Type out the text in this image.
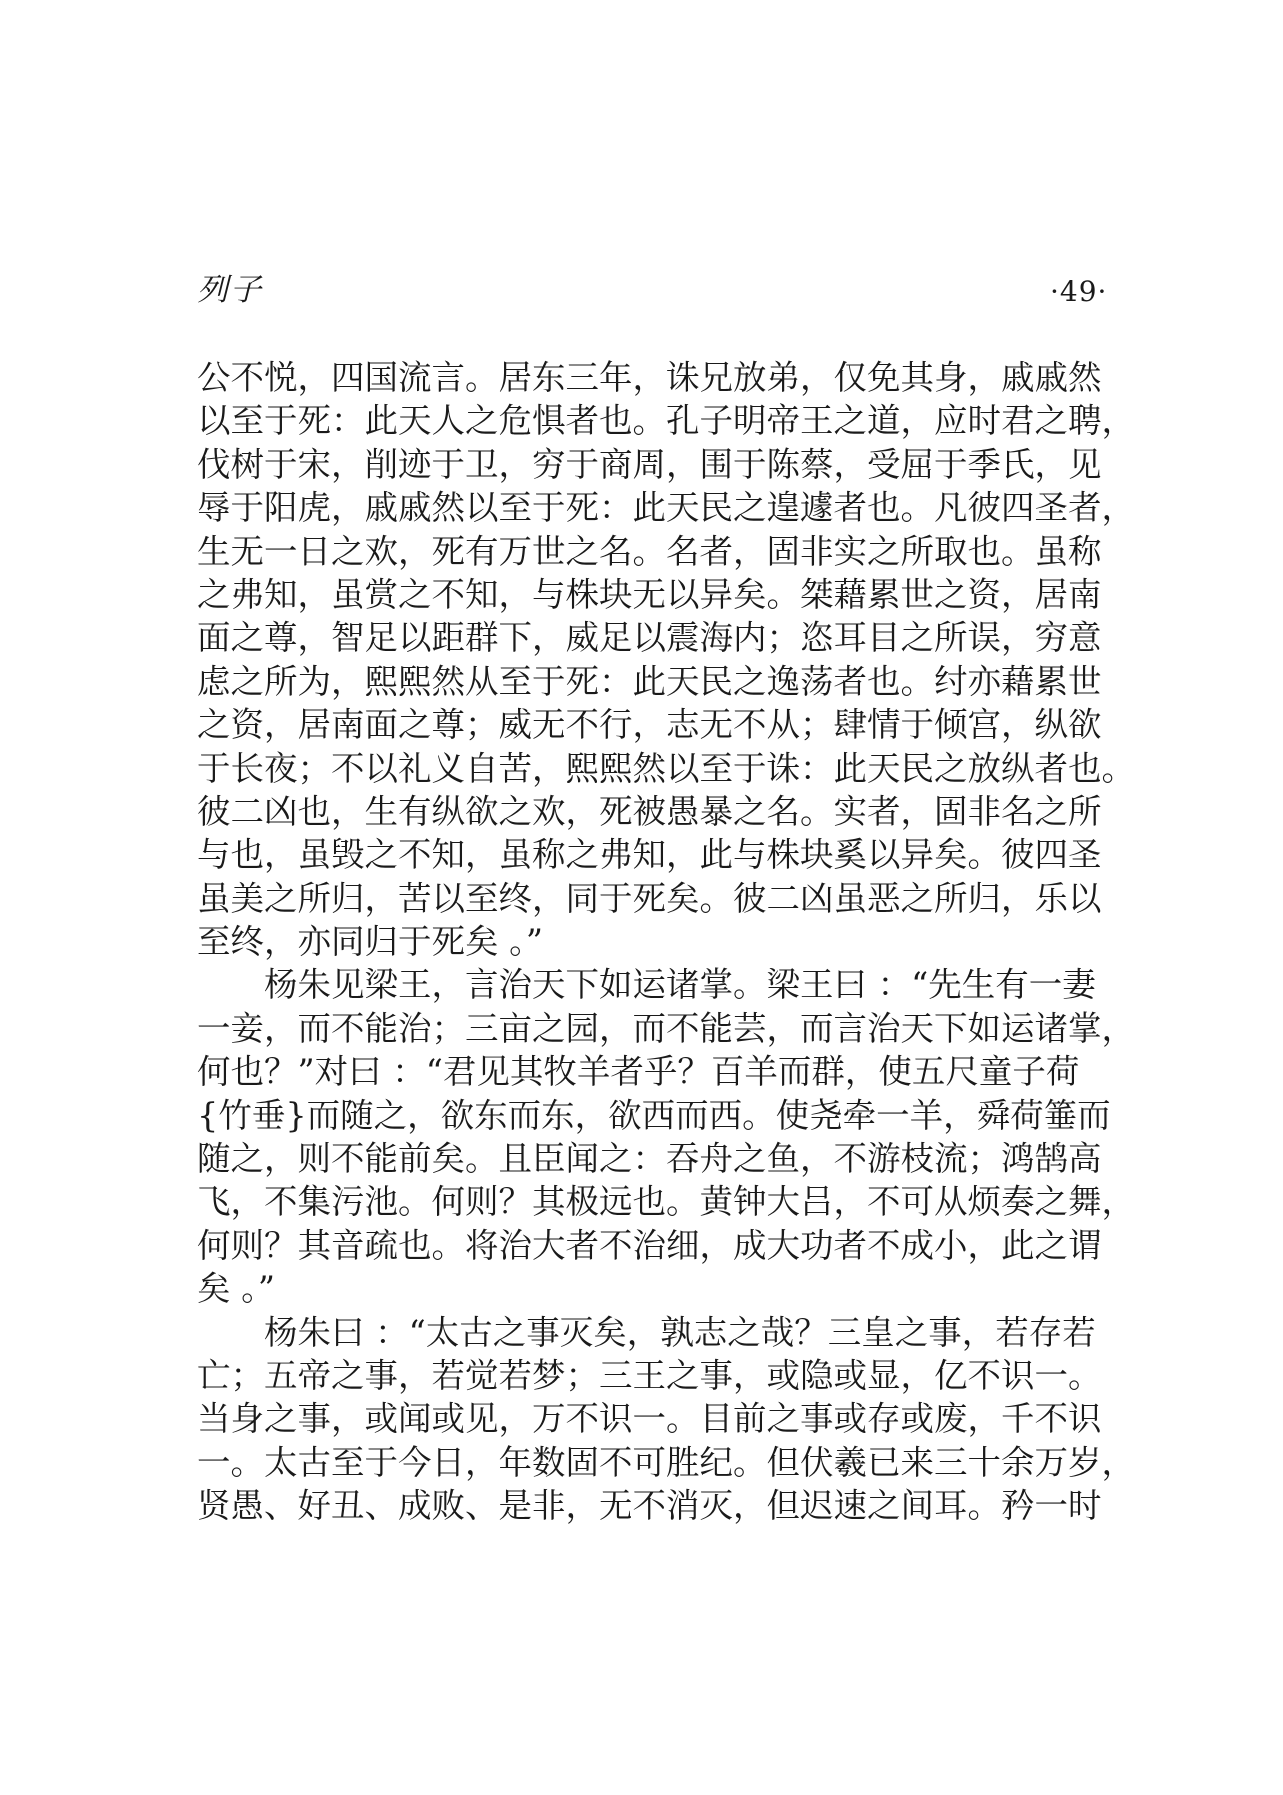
列子	·49·
公不悦，四国流言。居东三年，诛兄放弟，仅免其身，戚戚然
以至于死：此天人之危惧者也。孔子明帝王之道，应时君之聘，
伐树于宋，削迹于卫，穷于商周，围于陈蔡，受屈于季氏，见
辱于阳虎，戚戚然以至于死：此天民之遑遽者也。凡彼四圣者，
生无一日之欢，死有万世之名。名者，固非实之所取也。虽称
之弗知，虽赏之不知，与株块无以异矣。桀藉累世之资，居南
面之尊，智足以距群下，威足以震海内；恣耳目之所误，穷意
虑之所为，熙熙然从至于死：此天民之逸荡者也。纣亦藉累世
之资，居南面之尊；威无不行，志无不从；肆情于倾宫，纵欲
于长夜；不以礼义自苦，熙熙然以至于诛：此天民之放纵者也。
彼二凶也，生有纵欲之欢，死被愚暴之名。实者，固非名之所
与也，虽毁之不知，虽称之弗知，此与株块奚以异矣。彼四圣
虽美之所归，苦以至终，同于死矣。彼二凶虽恶之所归，乐以
至终，亦同归于死矣 。”
杨朱见梁王，言治天下如运诸掌。梁王曰 ：“先生有一妻
一妾，而不能治；三亩之园，而不能芸，而言治天下如运诸掌，
何也？”对曰 ：“君见其牧羊者乎？百羊而群，使五尺童子荷
{竹垂}而随之，欲东而东，欲西而西。使尧牵一羊，舜荷箠而
随之，则不能前矣。且臣闻之：吞舟之鱼，不游枝流；鸿鹄高
飞，不集污池。何则？其极远也。黄钟大吕，不可从烦奏之舞，
何则？其音疏也。将治大者不治细，成大功者不成小，此之谓
矣 。”
杨朱曰 ：“太古之事灭矣，孰志之哉？三皇之事，若存若
亡；五帝之事，若觉若梦；三王之事，或隐或显，亿不识一。
当身之事，或闻或见，万不识一。目前之事或存或废，千不识
一。太古至于今日，年数固不可胜纪。但伏羲已来三十余万岁，
贤愚、好丑、成败、是非，无不消灭，但迟速之间耳。矜一时
